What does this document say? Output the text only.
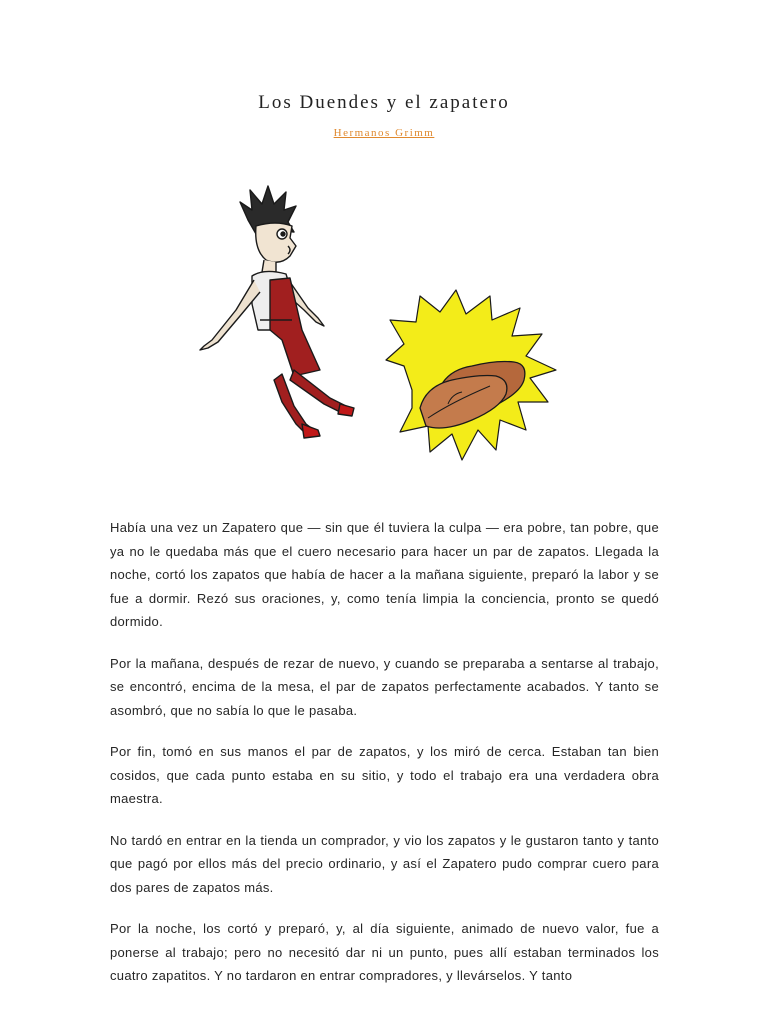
Los Duendes y el zapatero
Hermanos Grimm

Había una vez un Zapatero que — sin que él tuviera la culpa — era pobre, tan pobre, que ya no le quedaba más que el cuero necesario para hacer un par de zapatos. Llegada la noche, cortó los zapatos que había de hacer a la mañana siguiente, preparó la labor y se fue a dormir. Rezó sus oraciones, y, como tenía limpia la conciencia, pronto se quedó dormido.

Por la mañana, después de rezar de nuevo, y cuando se preparaba a sentarse al trabajo, se encontró, encima de la mesa, el par de zapatos perfectamente acabados. Y tanto se asombró, que no sabía lo que le pasaba.

Por fin, tomó en sus manos el par de zapatos, y los miró de cerca. Estaban tan bien cosidos, que cada punto estaba en su sitio, y todo el trabajo era una verdadera obra maestra.

No tardó en entrar en la tienda un comprador, y vio los zapatos y le gustaron tanto y tanto que pagó por ellos más del precio ordinario, y así el Zapatero pudo comprar cuero para dos pares de zapatos más.

Por la noche, los cortó y preparó, y, al día siguiente, animado de nuevo valor, fue a ponerse al trabajo; pero no necesitó dar ni un punto, pues allí estaban terminados los cuatro zapatitos. Y no tardaron en entrar compradores, y llevárselos. Y tanto
